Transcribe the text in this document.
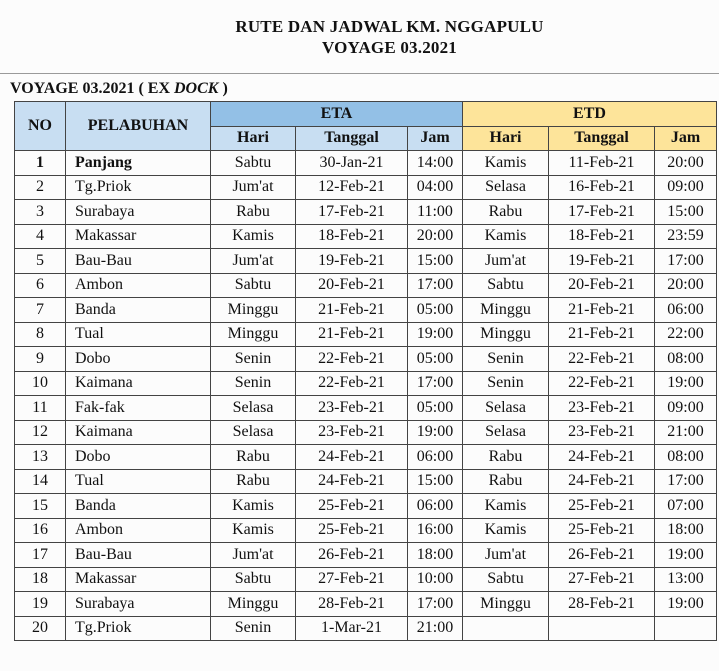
RUTE DAN JADWAL KM. NGGAPULU
VOYAGE 03.2021
VOYAGE 03.2021 ( EX DOCK )
NO	PELABUHAN	ETA			ETD		
		Hari	Tanggal	Jam	Hari	Tanggal	Jam
1	Panjang	Sabtu	30-Jan-21	14:00	Kamis	11-Feb-21	20:00
2	Tg.Priok	Jum'at	12-Feb-21	04:00	Selasa	16-Feb-21	09:00
3	Surabaya	Rabu	17-Feb-21	11:00	Rabu	17-Feb-21	15:00
4	Makassar	Kamis	18-Feb-21	20:00	Kamis	18-Feb-21	23:59
5	Bau-Bau	Jum'at	19-Feb-21	15:00	Jum'at	19-Feb-21	17:00
6	Ambon	Sabtu	20-Feb-21	17:00	Sabtu	20-Feb-21	20:00
7	Banda	Minggu	21-Feb-21	05:00	Minggu	21-Feb-21	06:00
8	Tual	Minggu	21-Feb-21	19:00	Minggu	21-Feb-21	22:00
9	Dobo	Senin	22-Feb-21	05:00	Senin	22-Feb-21	08:00
10	Kaimana	Senin	22-Feb-21	17:00	Senin	22-Feb-21	19:00
11	Fak-fak	Selasa	23-Feb-21	05:00	Selasa	23-Feb-21	09:00
12	Kaimana	Selasa	23-Feb-21	19:00	Selasa	23-Feb-21	21:00
13	Dobo	Rabu	24-Feb-21	06:00	Rabu	24-Feb-21	08:00
14	Tual	Rabu	24-Feb-21	15:00	Rabu	24-Feb-21	17:00
15	Banda	Kamis	25-Feb-21	06:00	Kamis	25-Feb-21	07:00
16	Ambon	Kamis	25-Feb-21	16:00	Kamis	25-Feb-21	18:00
17	Bau-Bau	Jum'at	26-Feb-21	18:00	Jum'at	26-Feb-21	19:00
18	Makassar	Sabtu	27-Feb-21	10:00	Sabtu	27-Feb-21	13:00
19	Surabaya	Minggu	28-Feb-21	17:00	Minggu	28-Feb-21	19:00
20	Tg.Priok	Senin	1-Mar-21	21:00			
